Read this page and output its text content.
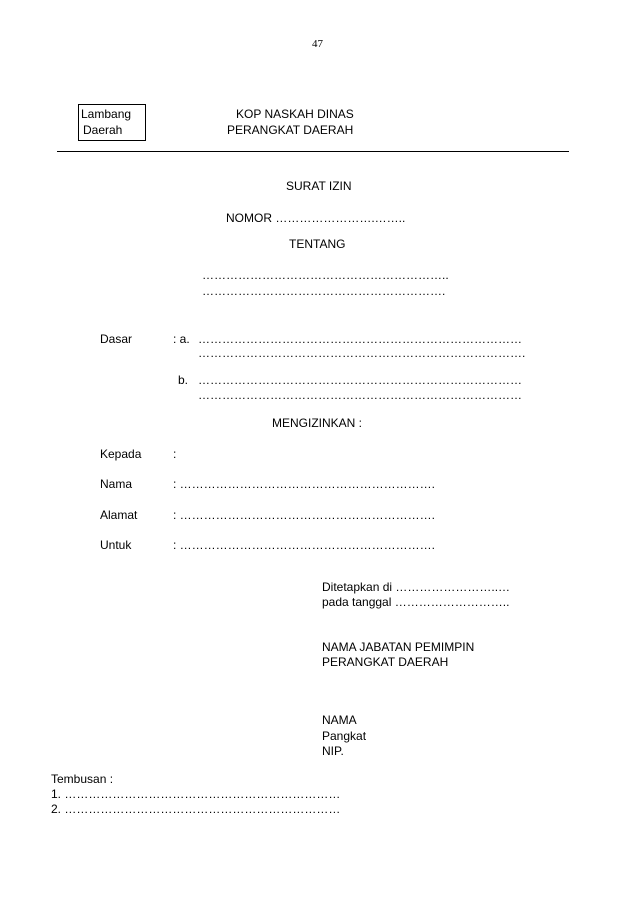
47
Lambang
Daerah
KOP NASKAH DINAS
PERANGKAT DAERAH
SURAT IZIN
NOMOR …………………….……..
TENTANG
……………………………………………………..
…………………………………………………….
Dasar	: a. ………………………………………………………………………
……………………………………………………………………….
b. ………………………………………………………………………
………………………………………………………………………
MENGIZINKAN :
Kepada	:
Nama	: ……………………………………………………….
Alamat	: ……………………………………………………….
Untuk	: ……………………………………………………….
Ditetapkan di ……………………..…
pada tanggal ………………………..
NAMA JABATAN PEMIMPIN
PERANGKAT DAERAH
NAMA
Pangkat
NIP.
Tembusan :
1. ……………………………………………………………
2. ……………………………………………………………
